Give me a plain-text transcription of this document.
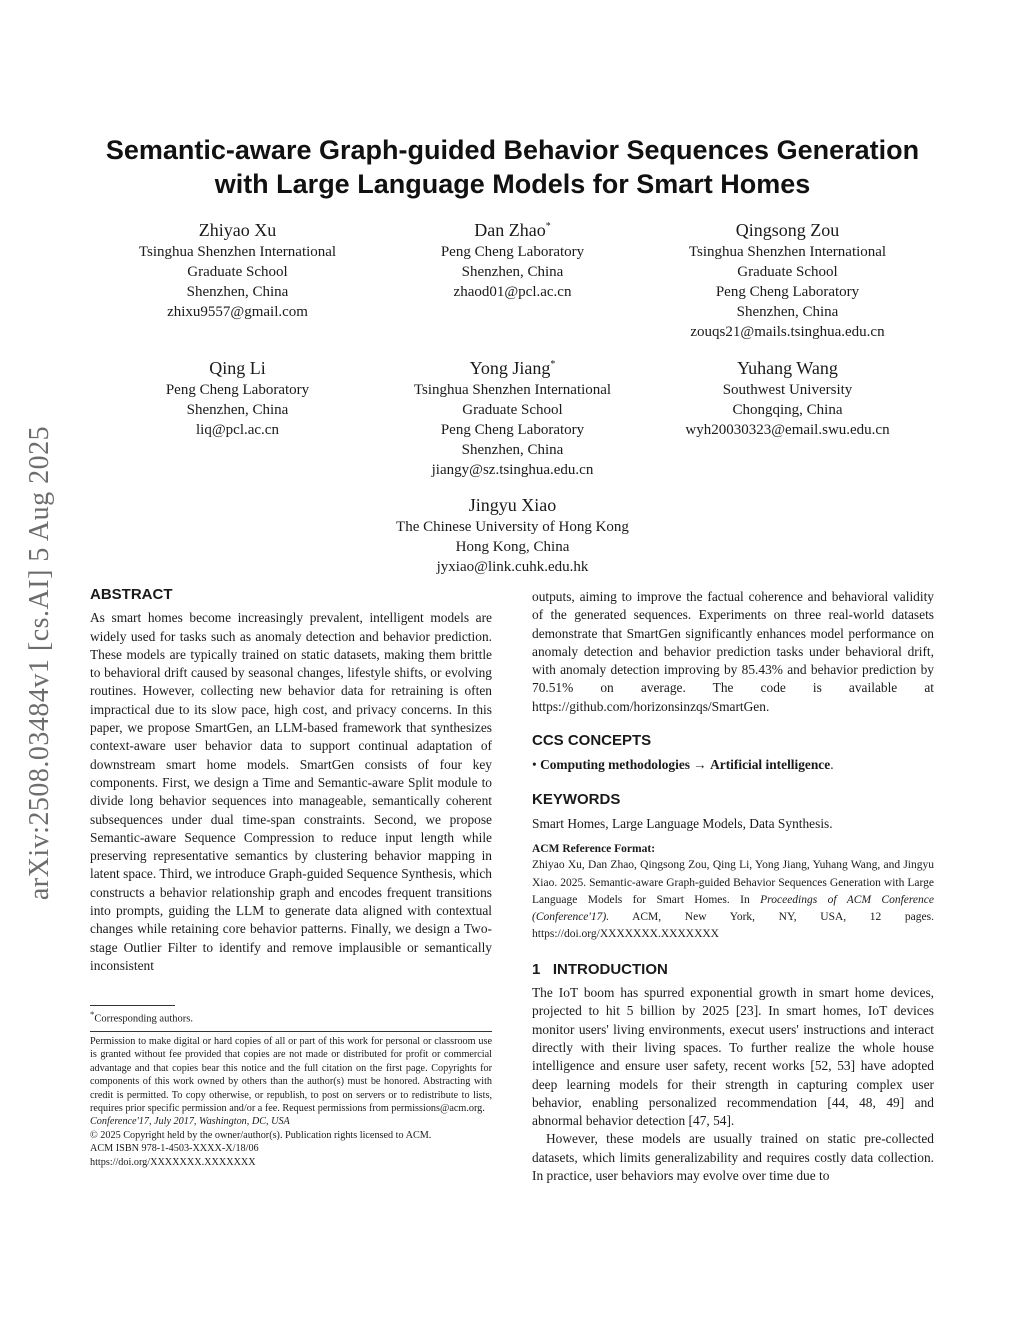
arXiv:2508.03484v1 [cs.AI] 5 Aug 2025
Semantic-aware Graph-guided Behavior Sequences Generation
with Large Language Models for Smart Homes
Zhiyao Xu
Tsinghua Shenzhen International
Graduate School
Shenzhen, China
zhixu9557@gmail.com
Dan Zhao*
Peng Cheng Laboratory
Shenzhen, China
zhaod01@pcl.ac.cn
Qingsong Zou
Tsinghua Shenzhen International
Graduate School
Peng Cheng Laboratory
Shenzhen, China
zouqs21@mails.tsinghua.edu.cn
Qing Li
Peng Cheng Laboratory
Shenzhen, China
liq@pcl.ac.cn
Yong Jiang*
Tsinghua Shenzhen International
Graduate School
Peng Cheng Laboratory
Shenzhen, China
jiangy@sz.tsinghua.edu.cn
Yuhang Wang
Southwest University
Chongqing, China
wyh20030323@email.swu.edu.cn
Jingyu Xiao
The Chinese University of Hong Kong
Hong Kong, China
jyxiao@link.cuhk.edu.hk

ABSTRACT

As smart homes become increasingly prevalent, intelligent models are widely used for tasks such as anomaly detection and behavior prediction. These models are typically trained on static datasets, making them brittle to behavioral drift caused by seasonal changes, lifestyle shifts, or evolving routines. However, collecting new behavior data for retraining is often impractical due to its slow pace, high cost, and privacy concerns. In this paper, we propose SmartGen, an LLM-based framework that synthesizes context-aware user behavior data to support continual adaptation of downstream smart home models. SmartGen consists of four key components. First, we design a Time and Semantic-aware Split module to divide long behavior sequences into manageable, semantically coherent subsequences under dual time-span constraints. Second, we propose Semantic-aware Sequence Compression to reduce input length while preserving representative semantics by clustering behavior mapping in latent space. Third, we introduce Graph-guided Sequence Synthesis, which constructs a behavior relationship graph and encodes frequent transitions into prompts, guiding the LLM to generate data aligned with contextual changes while retaining core behavior patterns. Finally, we design a Two-stage Outlier Filter to identify and remove implausible or semantically inconsistent

*Corresponding authors.

Permission to make digital or hard copies of all or part of this work for personal or classroom use is granted without fee provided that copies are not made or distributed for profit or commercial advantage and that copies bear this notice and the full citation on the first page. Copyrights for components of this work owned by others than the author(s) must be honored. Abstracting with credit is permitted. To copy otherwise, or republish, to post on servers or to redistribute to lists, requires prior specific permission and/or a fee. Request permissions from permissions@acm.org.

Conference'17, July 2017, Washington, DC, USA

© 2025 Copyright held by the owner/author(s). Publication rights licensed to ACM.

ACM ISBN 978-1-4503-XXXX-X/18/06

https://doi.org/XXXXXXX.XXXXXXX

outputs, aiming to improve the factual coherence and behavioral validity of the generated sequences. Experiments on three real-world datasets demonstrate that SmartGen significantly enhances model performance on anomaly detection and behavior prediction tasks under behavioral drift, with anomaly detection improving by 85.43% and behavior prediction by 70.51% on average. The code is available at https://github.com/horizonsinzqs/SmartGen.

CCS CONCEPTS

• Computing methodologies → Artificial intelligence.

KEYWORDS

Smart Homes, Large Language Models, Data Synthesis.

ACM Reference Format:

Zhiyao Xu, Dan Zhao, Qingsong Zou, Qing Li, Yong Jiang, Yuhang Wang, and Jingyu Xiao. 2025. Semantic-aware Graph-guided Behavior Sequences Generation with Large Language Models for Smart Homes. In Proceedings of ACM Conference (Conference'17). ACM, New York, NY, USA, 12 pages. https://doi.org/XXXXXXX.XXXXXXX

1 INTRODUCTION

The IoT boom has spurred exponential growth in smart home devices, projected to hit 5 billion by 2025 [23]. In smart homes, IoT devices monitor users' living environments, execut users' instructions and interact directly with their living spaces. To further realize the whole house intelligence and ensure user safety, recent works [52, 53] have adopted deep learning models for their strength in capturing complex user behavior, enabling personalized recommendation [44, 48, 49] and abnormal behavior detection [47, 54].

However, these models are usually trained on static pre-collected datasets, which limits generalizability and requires costly data collection. In practice, user behaviors may evolve over time due to
